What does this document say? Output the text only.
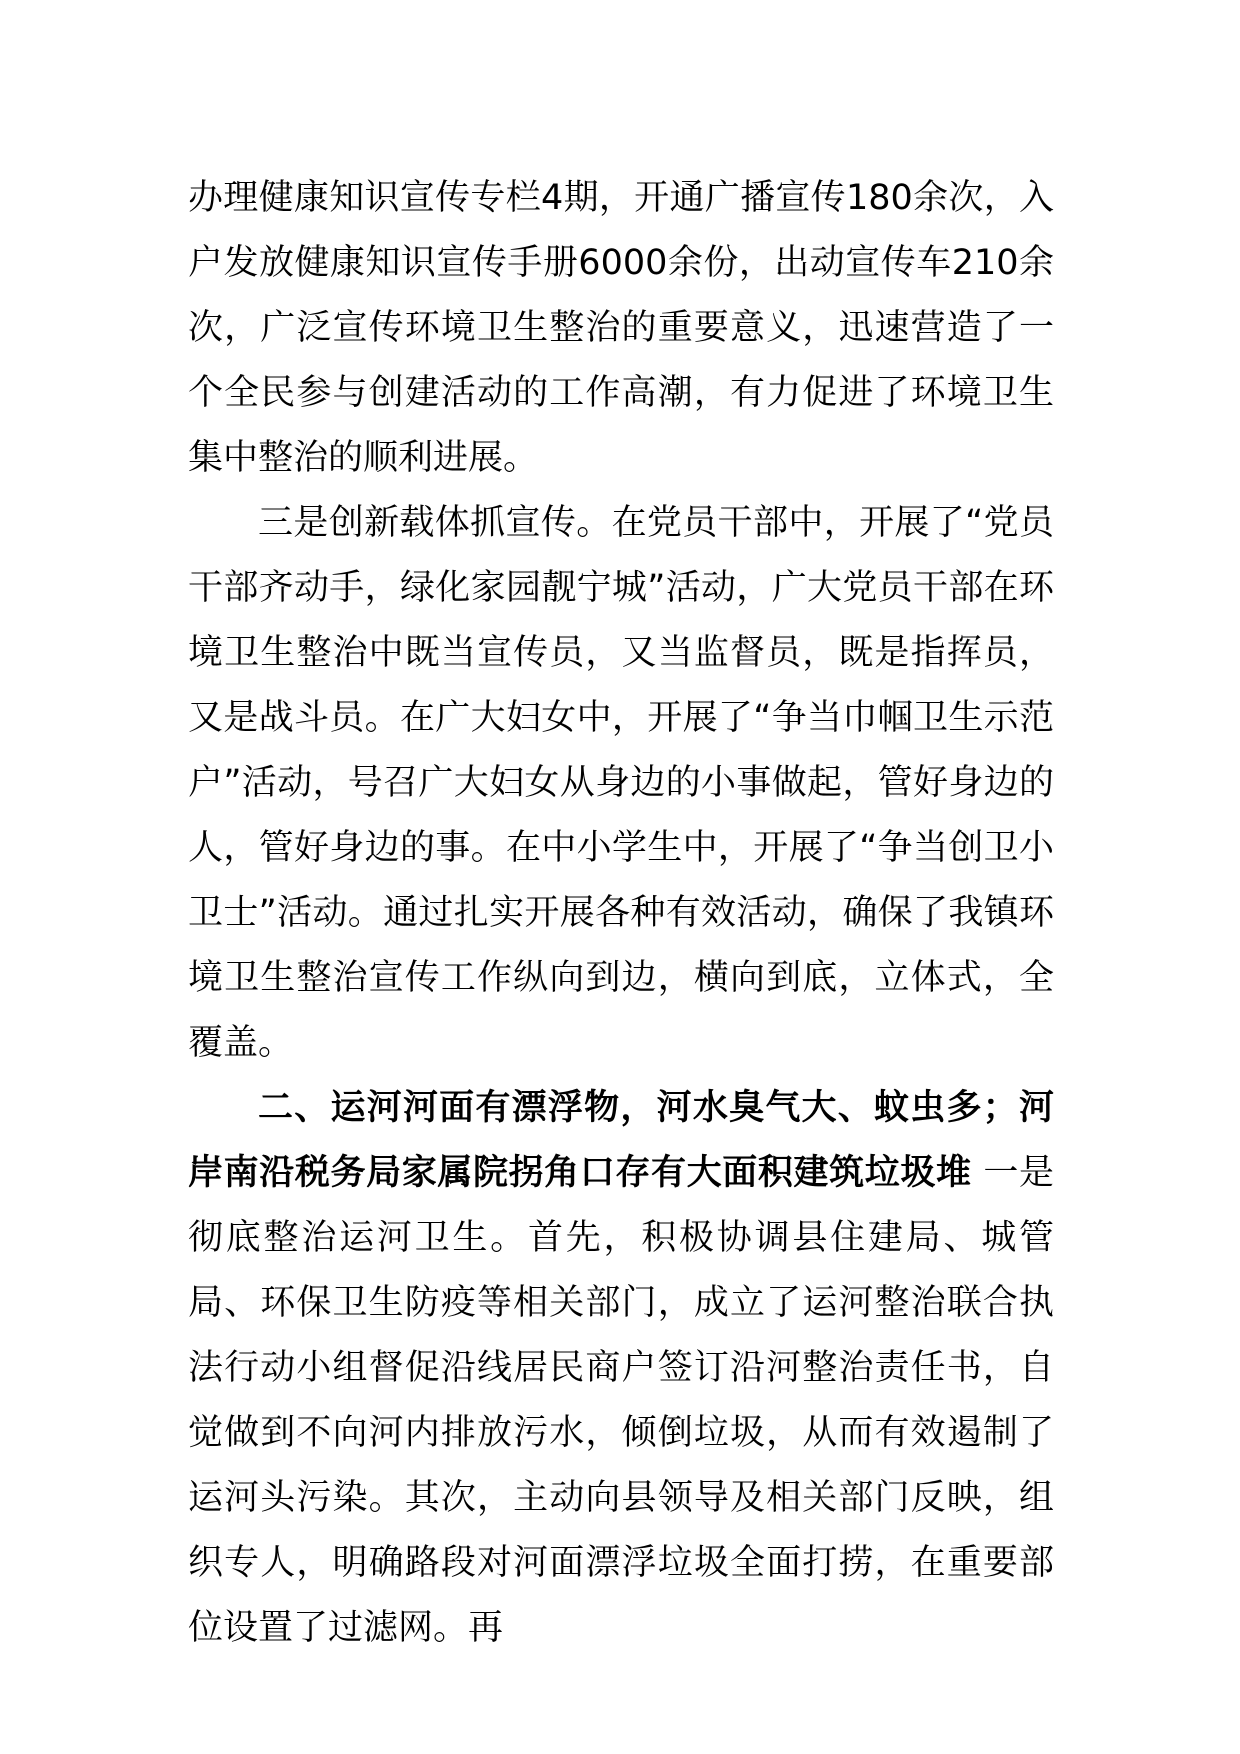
办理健康知识宣传专栏4期，开通广播宣传180余次，入户发放健康知识宣传手册6000余份，出动宣传车210余次，广泛宣传环境卫生整治的重要意义，迅速营造了一个全民参与创建活动的工作高潮，有力促进了环境卫生集中整治的顺利进展。

三是创新载体抓宣传。在党员干部中，开展了“党员干部齐动手，绿化家园靓宁城”活动，广大党员干部在环境卫生整治中既当宣传员，又当监督员，既是指挥员，又是战斗员。在广大妇女中，开展了“争当巾帼卫生示范户”活动，号召广大妇女从身边的小事做起，管好身边的人，管好身边的事。在中小学生中，开展了“争当创卫小卫士”活动。通过扎实开展各种有效活动，确保了我镇环境卫生整治宣传工作纵向到边，横向到底，立体式，全覆盖。

二、运河河面有漂浮物，河水臭气大、蚊虫多；河岸南沿税务局家属院拐角口存有大面积建筑垃圾堆 一是彻底整治运河卫生。首先，积极协调县住建局、城管局、环保卫生防疫等相关部门，成立了运河整治联合执法行动小组督促沿线居民商户签订沿河整治责任书，自觉做到不向河内排放污水，倾倒垃圾，从而有效遏制了运河头污染。其次，主动向县领导及相关部门反映，组织专人，明确路段对河面漂浮垃圾全面打捞，在重要部位设置了过滤网。再
